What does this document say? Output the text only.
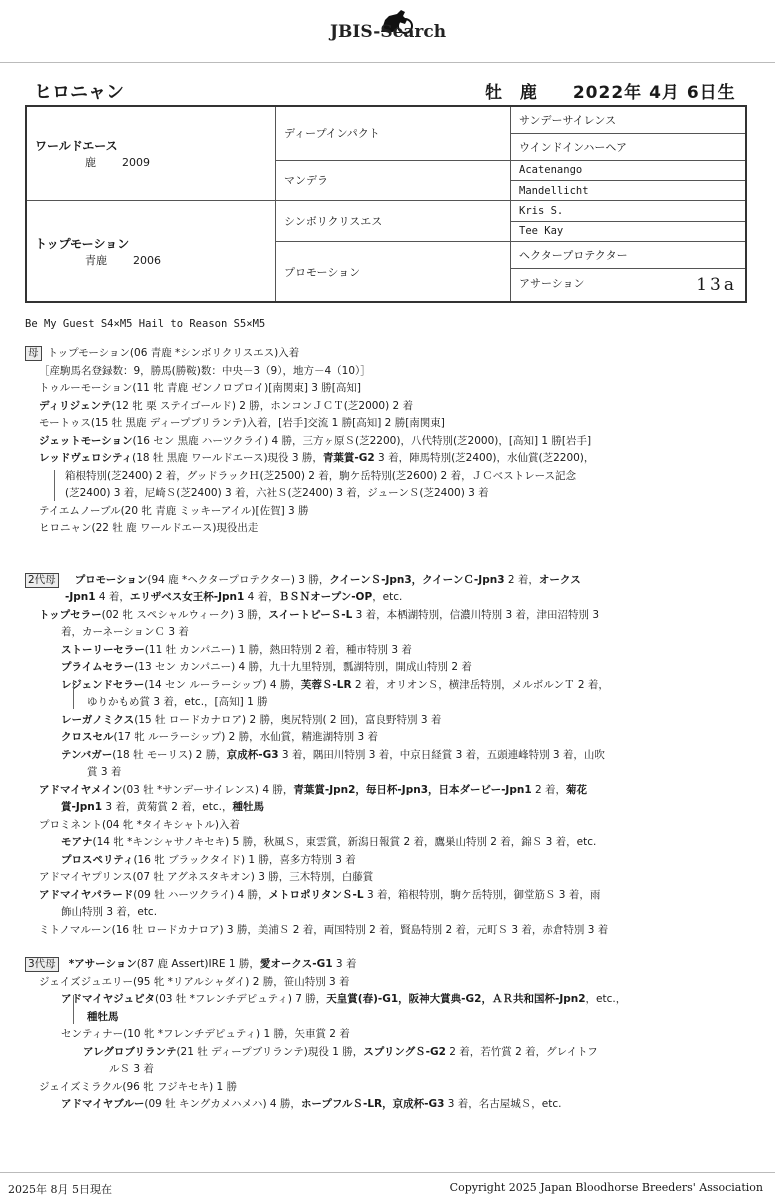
JBIS-Search
ヒロニャン	牡 鹿 2022年 4月 6日生
ワールドエース
鹿 2009	ディープインパクト	サンデーサイレンス
		ウインドインハーヘア
	マンデラ	Acatenango
		Mandellicht

トップモーション
青鹿 2006	シンボリクリスエス	Kris S.
		Tee Kay
	プロモーション	ヘクタープロテクター
		アサーション 13a
Be My Guest S4×M5 Hail to Reason S5×M5
母 トップモーション(06 青鹿 *シンボリクリスエス)入着
［産駒馬名登録数：9，勝馬(勝鞍)数：中央－3（9），地方－4（10）］
トゥルーモーション(11 牝 青鹿 ゼンノロブロイ)[南関東] 3 勝[高知]
ディリジェンテ(12 牝 栗 ステイゴールド) 2 勝，ホンコンＪＣＴ(芝2000) 2 着
モートゥス(15 牡 黒鹿 ディープブリランテ)入着，[岩手]交流 1 勝[高知] 2 勝[南関東]
ジェットモーション(16 セン 黒鹿 ハーツクライ) 4 勝，三方ヶ原Ｓ(芝2200)，八代特別(芝2000)，[高知] 1 勝[岩手]
レッドヴェロシティ(18 牡 黒鹿 ワールドエース)現役 3 勝，青葉賞-G2 3 着，陣馬特別(芝2400)，水仙賞(芝2200)，
箱根特別(芝2400) 2 着，グッドラックＨ(芝2500) 2 着，駒ケ岳特別(芝2600) 2 着，ＪＣベストレース記念
(芝2400) 3 着，尼崎Ｓ(芝2400) 3 着，六社Ｓ(芝2400) 3 着，ジューンＳ(芝2400) 3 着
テイエムノーブル(20 牝 青鹿 ミッキーアイル)[佐賀] 3 勝
ヒロニャン(22 牡 鹿 ワールドエース)現役出走
2代母 プロモーション(94 鹿 *ヘクタープロテクター) 3 勝，クイーンＳ-Jpn3，クイーンＣ-Jpn3 2 着，オークス
-Jpn1 4 着，エリザベス女王杯-Jpn1 4 着，ＢＳＮオープン-OP，etc.
トップセラー(02 牝 スペシャルウィーク) 3 勝，スイートピーＳ-L 3 着，本栖湖特別，信濃川特別 3 着，津田沼特別 3
着，カーネーションＣ 3 着
ストーリーセラー(11 牡 カンパニー) 1 勝，熱田特別 2 着，種市特別 3 着
プライムセラー(13 セン カンパニー) 4 勝，九十九里特別，瓢湖特別，開成山特別 2 着
レジェンドセラー(14 セン ルーラーシップ) 4 勝，芙蓉Ｓ-LR 2 着，オリオンＳ，横津岳特別，メルボルンＴ 2 着，
ゆりかもめ賞 3 着，etc.，[高知] 1 勝
レーガノミクス(15 牡 ロードカナロア) 2 勝，奥尻特別( 2 回)，富良野特別 3 着
クロスセル(17 牝 ルーラーシップ) 2 勝，水仙賞，精進湖特別 3 着
テンバガー(18 牡 モーリス) 2 勝，京成杯-G3 3 着，隅田川特別 3 着，中京日経賞 3 着，五頭連峰特別 3 着，山吹
賞 3 着
アドマイヤメイン(03 牡 *サンデーサイレンス) 4 勝，青葉賞-Jpn2，毎日杯-Jpn3，日本ダービー-Jpn1 2 着，菊花
賞-Jpn1 3 着，黄菊賞 2 着，etc.，種牡馬
プロミネント(04 牝 *タイキシャトル)入着
モアナ(14 牝 *キンシャサノキセキ) 5 勝，秋風Ｓ，東雲賞，新潟日報賞 2 着，鷹巣山特別 2 着，錦Ｓ 3 着，etc.
プロスペリティ(16 牝 ブラックタイド) 1 勝，喜多方特別 3 着
アドマイヤプリンス(07 牡 アグネスタキオン) 3 勝，三木特別，白藤賞
アドマイヤパラード(09 牡 ハーツクライ) 4 勝，メトロポリタンＳ-L 3 着，箱根特別，駒ケ岳特別，御堂筋Ｓ 3 着，雨
飾山特別 3 着，etc.
ミトノマルーン(16 牡 ロードカナロア) 3 勝，美浦Ｓ 2 着，両国特別 2 着，賢島特別 2 着，元町Ｓ 3 着，赤倉特別 3 着
3代母 *アサーション(87 鹿 Assert)IRE 1 勝，愛オークス-G1 3 着
ジェイズジュエリー(95 牝 *リアルシャダイ) 2 勝，笹山特別 3 着
アドマイヤジュピタ(03 牡 *フレンチデピュティ) 7 勝，天皇賞(春)-G1，阪神大賞典-G2，ＡＲ共和国杯-Jpn2，etc.，
種牡馬
センティナー(10 牝 *フレンチデピュティ) 1 勝，矢車賞 2 着
アレグロブリランテ(21 牡 ディープブリランテ)現役 1 勝，スプリングＳ-G2 2 着，若竹賞 2 着，グレイトフ
ルＳ 3 着
ジェイズミラクル(96 牝 フジキセキ) 1 勝
アドマイヤブルー(09 牡 キングカメハメハ) 4 勝，ホープフルＳ-LR，京成杯-G3 3 着，名古屋城Ｓ，etc.
2025年 8月 5日現在	Copyright 2025 Japan Bloodhorse Breeders' Association
